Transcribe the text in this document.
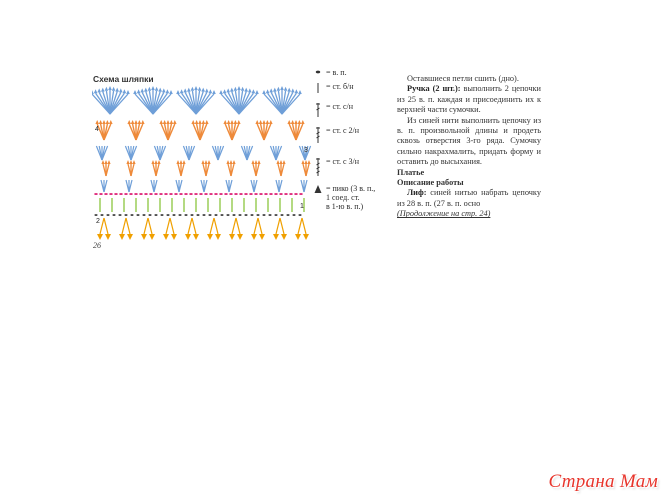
Схема шляпки
4
3
2
1
26
= в. п.
= ст. б/н
= ст. с/н
= ст. с 2/н
= ст. с 3/н
= пико (3 в. п.,
1 соед. ст.
в 1-ю в. п.)

Оставшиеся петли сшить (дно).

Ручка (2 шт.): выполнить 2 цепочки из 25 в. п. каждая и присоединить их к верхней части сумочки.

Из синей нити выполнить цепочку из в. п. произвольной длины и продеть сквозь отверстия 3-го ряда. Сумочку сильно накрахмалить, придать форму и оставить до высыхания.

Платье

Описание работы

Лиф: синей нитью набрать цепочку из 28 в. п. (27 в. п. осно

(Продолжение на стр. 24)

Страна Мам
